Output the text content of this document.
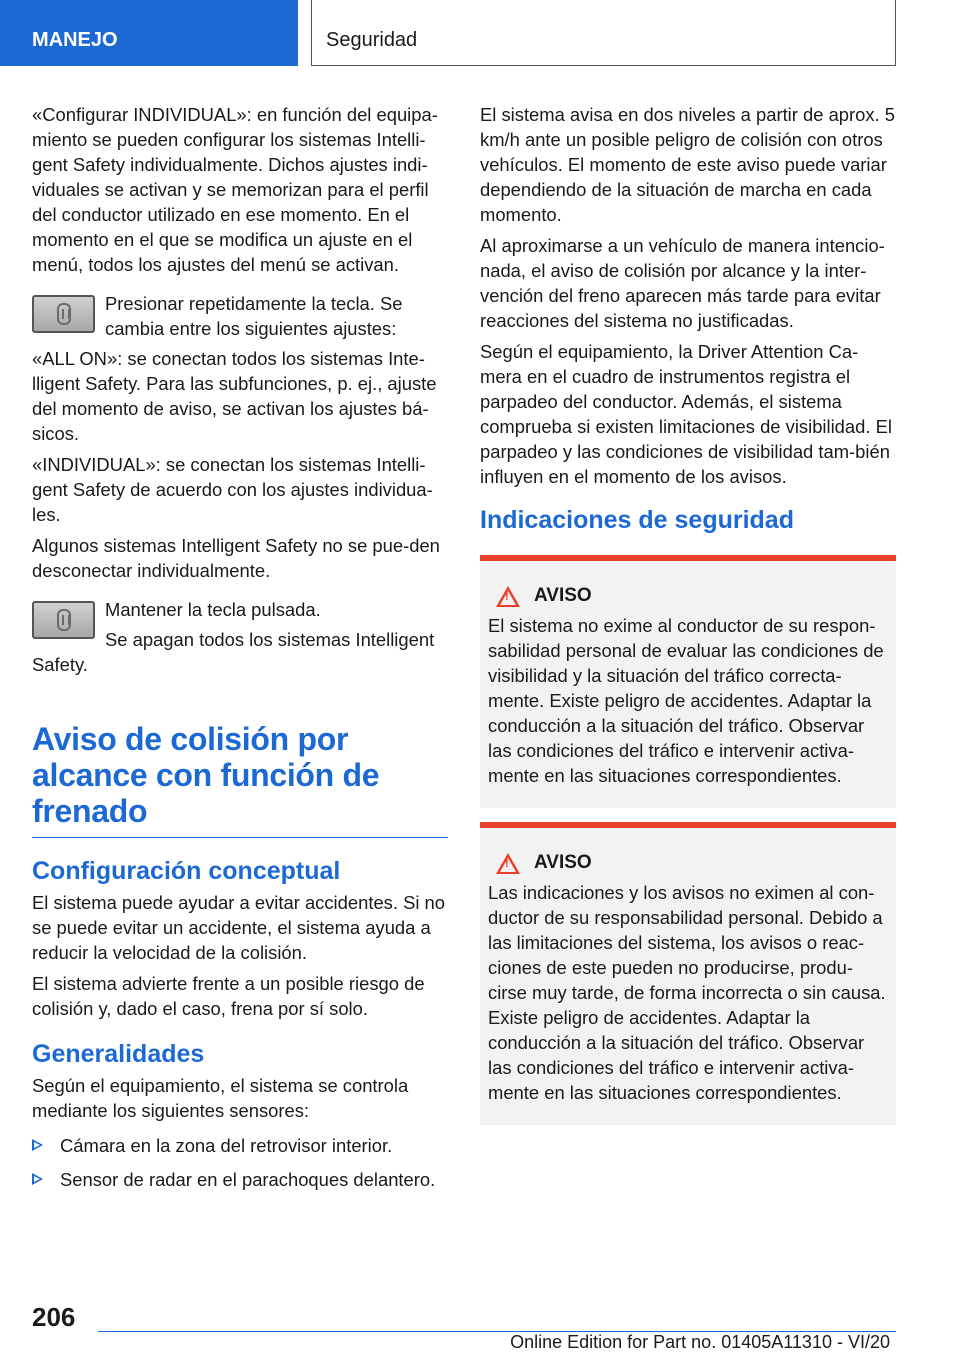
MANEJO	Seguridad

«Configurar INDIVIDUAL»: en función del equipa-miento se pueden configurar los sistemas Intelli-gent Safety individualmente. Dichos ajustes indi-viduales se activan y se memorizan para el perfil del conductor utilizado en ese momento. En el momento en el que se modifica un ajuste en el menú, todos los ajustes del menú se activan.

Presionar repetidamente la tecla. Se cambia entre los siguientes ajustes:

«ALL ON»: se conectan todos los sistemas Inte-lligent Safety. Para las subfunciones, p. ej., ajuste del momento de aviso, se activan los ajustes bá-sicos.

«INDIVIDUAL»: se conectan los sistemas Intelli-gent Safety de acuerdo con los ajustes individua-les.

Algunos sistemas Intelligent Safety no se pue-den desconectar individualmente.

Mantener la tecla pulsada.

Se apagan todos los sistemas Intelligent

Safety.

Aviso de colisión por alcance con función de frenado
Configuración conceptual

El sistema puede ayudar a evitar accidentes. Si no se puede evitar un accidente, el sistema ayuda a reducir la velocidad de la colisión.

El sistema advierte frente a un posible riesgo de colisión y, dado el caso, frena por sí solo.

Generalidades

Según el equipamiento, el sistema se controla mediante los siguientes sensores:

Cámara en la zona del retrovisor interior.
Sensor de radar en el parachoques delantero.

El sistema avisa en dos niveles a partir de aprox. 5 km/h ante un posible peligro de colisión con otros vehículos. El momento de este aviso puede variar dependiendo de la situación de marcha en cada momento.

Al aproximarse a un vehículo de manera intencio-nada, el aviso de colisión por alcance y la inter-vención del freno aparecen más tarde para evitar reacciones del sistema no justificadas.

Según el equipamiento, la Driver Attention Ca-mera en el cuadro de instrumentos registra el parpadeo del conductor. Además, el sistema comprueba si existen limitaciones de visibilidad. El parpadeo y las condiciones de visibilidad tam-bién influyen en el momento de los avisos.

Indicaciones de seguridad
!
AVISO

El sistema no exime al conductor de su respon-sabilidad personal de evaluar las condiciones de visibilidad y la situación del tráfico correcta-mente. Existe peligro de accidentes. Adaptar la conducción a la situación del tráfico. Observar las condiciones del tráfico e intervenir activa-mente en las situaciones correspondientes.

!
AVISO

Las indicaciones y los avisos no eximen al con-ductor de su responsabilidad personal. Debido a las limitaciones del sistema, los avisos o reac-ciones de este pueden no producirse, produ-cirse muy tarde, de forma incorrecta o sin causa. Existe peligro de accidentes. Adaptar la conducción a la situación del tráfico. Observar las condiciones del tráfico e intervenir activa-mente en las situaciones correspondientes.

206
Online Edition for Part no. 01405A11310 - VI/20
